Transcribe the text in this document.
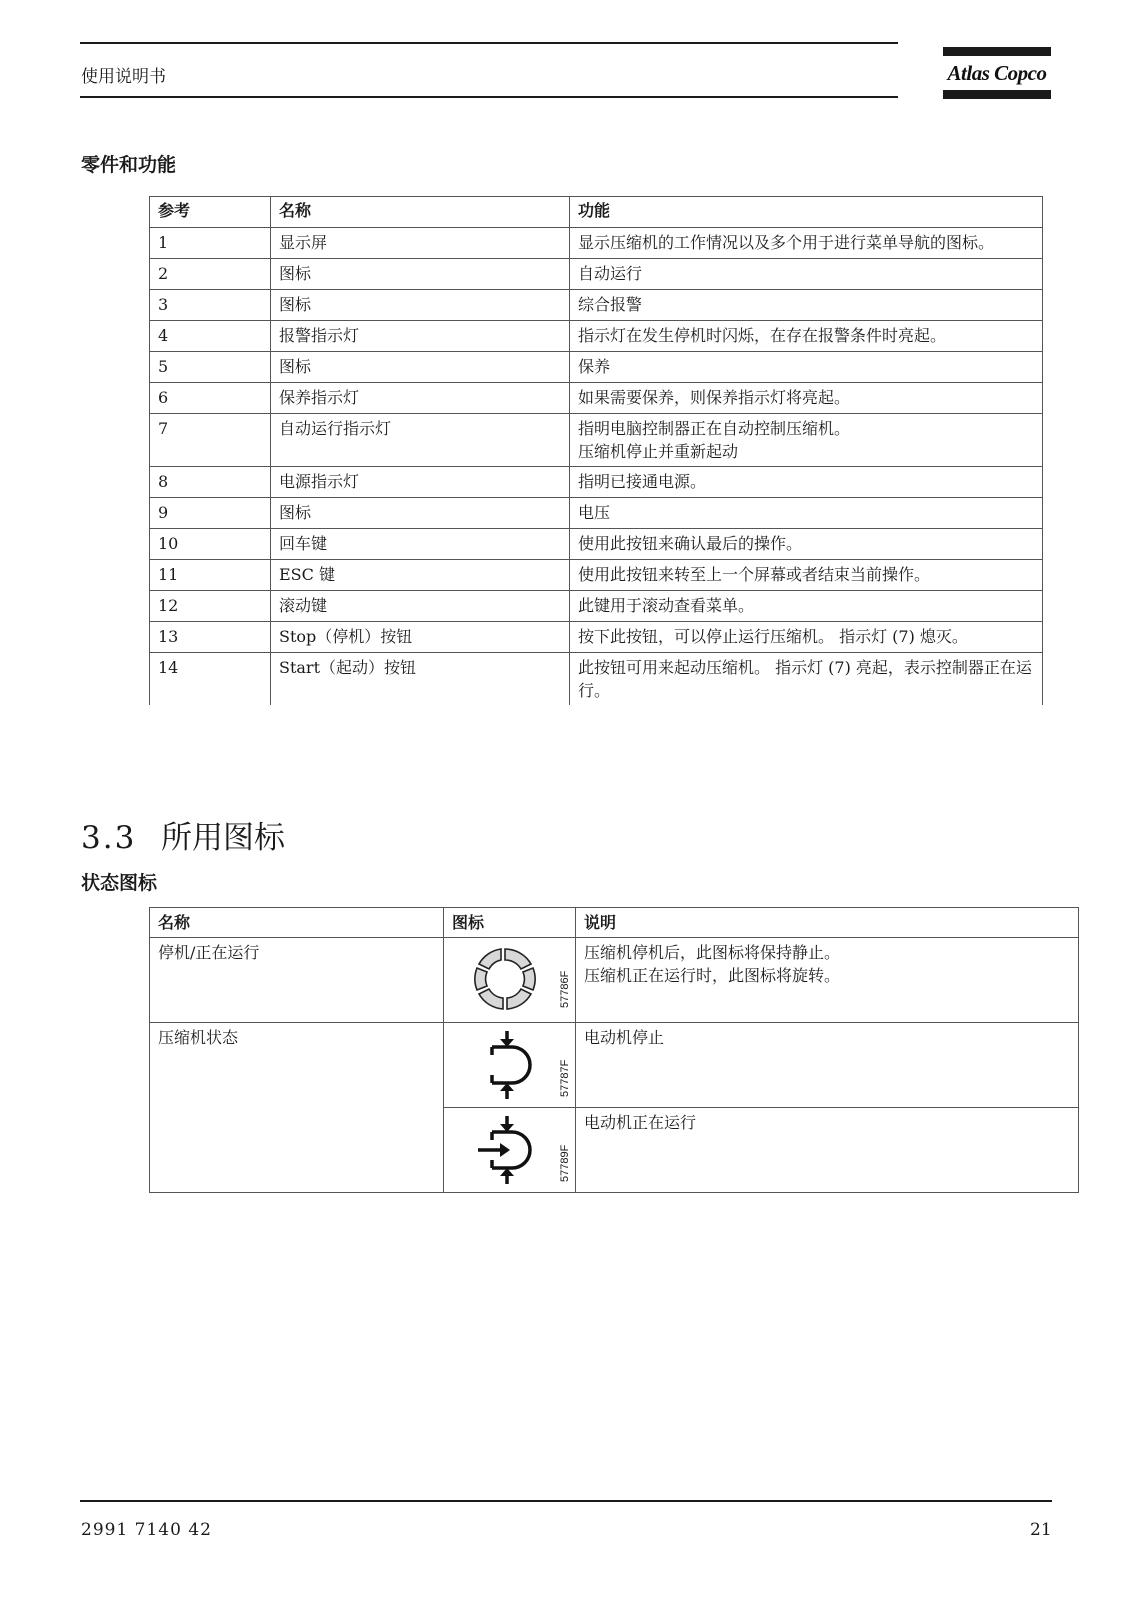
使用说明书	Atlas Copco
零件和功能
参考	名称	功能
1	显示屏	显示压缩机的工作情况以及多个用于进行菜单导航的图标。
2	图标	自动运行
3	图标	综合报警
4	报警指示灯	指示灯在发生停机时闪烁，在存在报警条件时亮起。
5	图标	保养
6	保养指示灯	如果需要保养，则保养指示灯将亮起。
7	自动运行指示灯	指明电脑控制器正在自动控制压缩机。
压缩机停止并重新起动
8	电源指示灯	指明已接通电源。
9	图标	电压
10	回车键	使用此按钮来确认最后的操作。
11	ESC 键	使用此按钮来转至上一个屏幕或者结束当前操作。
12	滚动键	此键用于滚动查看菜单。
13	Stop（停机）按钮	按下此按钮，可以停止运行压缩机。 指示灯 (7) 熄灭。
14	Start（起动）按钮	此按钮可用来起动压缩机。 指示灯 (7) 亮起，表示控制器正在运行。
3.3 所用图标
状态图标
名称	图标	说明
停机/正在运行	57786F	压缩机停机后，此图标将保持静止。
压缩机正在运行时，此图标将旋转。
压缩机状态	57787F	电动机停止

	57789F	电动机正在运行
2991 7140 42	21
